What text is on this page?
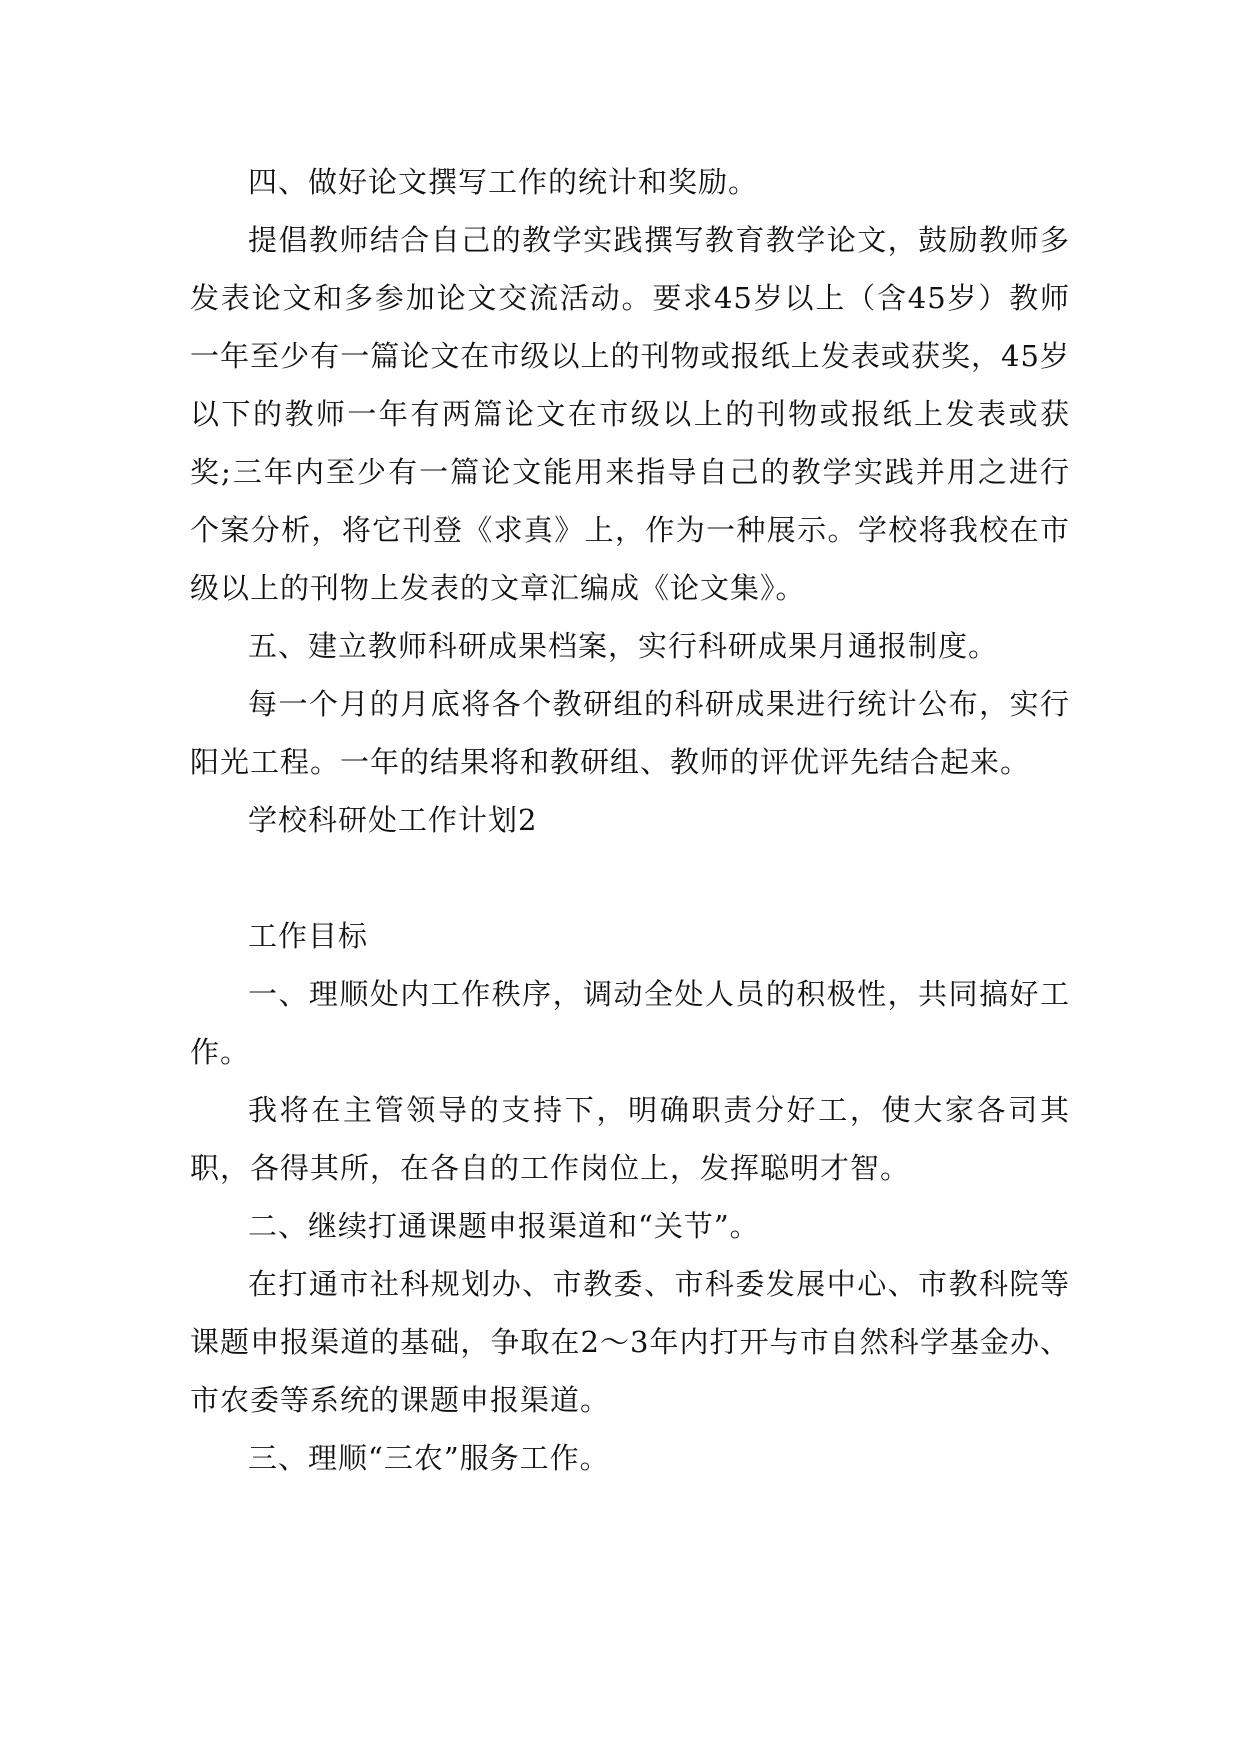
四、做好论文撰写工作的统计和奖励。

提倡教师结合自己的教学实践撰写教育教学论文，鼓励教师多发表论文和多参加论文交流活动。要求45岁以上（含45岁）教师一年至少有一篇论文在市级以上的刊物或报纸上发表或获奖，45岁以下的教师一年有两篇论文在市级以上的刊物或报纸上发表或获奖;三年内至少有一篇论文能用来指导自己的教学实践并用之进行个案分析，将它刊登《求真》上，作为一种展示。学校将我校在市级以上的刊物上发表的文章汇编成《论文集》。

五、建立教师科研成果档案，实行科研成果月通报制度。

每一个月的月底将各个教研组的科研成果进行统计公布，实行阳光工程。一年的结果将和教研组、教师的评优评先结合起来。

学校科研处工作计划2

工作目标

一、理顺处内工作秩序，调动全处人员的积极性，共同搞好工作。

我将在主管领导的支持下，明确职责分好工，使大家各司其职，各得其所，在各自的工作岗位上，发挥聪明才智。

二、继续打通课题申报渠道和“关节”。

在打通市社科规划办、市教委、市科委发展中心、市教科院等课题申报渠道的基础，争取在2～3年内打开与市自然科学基金办、市农委等系统的课题申报渠道。

三、理顺“三农”服务工作。
